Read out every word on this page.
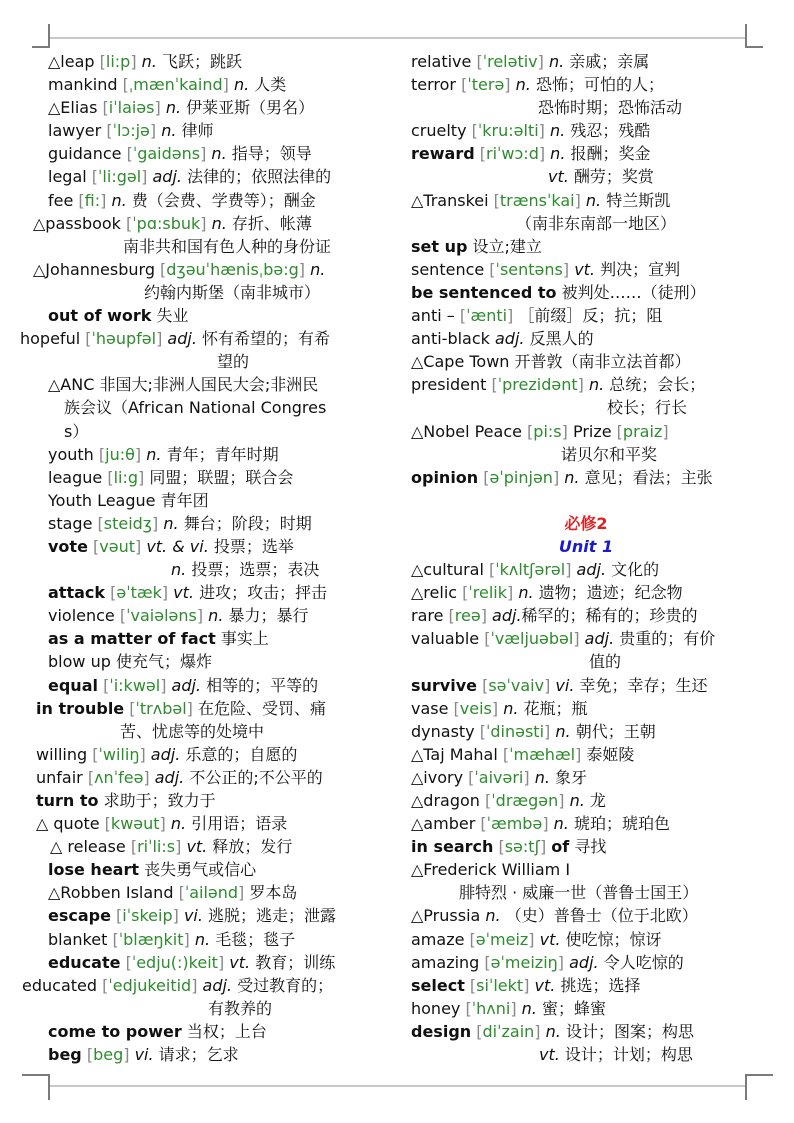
△leap [li:p] n. 飞跃；跳跃
mankind [ˌmænˈkaind] n. 人类
△Elias [iˈlaiəs] n. 伊莱亚斯（男名）
lawyer [ˈlɔ:jə] n. 律师
guidance [ˈgaidəns] n. 指导；领导
legal [ˈli:gəl] adj. 法律的；依照法律的
fee [fi:] n. 费（会费、学费等）；酬金
△passbook [ˈpɑ:sbuk] n. 存折、帐薄
南非共和国有色人种的身份证
△Johannesburg [dʒəuˈhænisˌbə:g] n.
约翰内斯堡（南非城市）
out of work 失业
hopeful [ˈhəupfəl] adj. 怀有希望的；有希
望的
△ANC 非国大;非洲人国民大会;非洲民
族会议（African National Congres
s）
youth [ju:θ] n. 青年；青年时期
league [li:g] 同盟；联盟；联合会
Youth League 青年团
stage [steidʒ] n. 舞台；阶段；时期
vote [vəut] vt. & vi. 投票；选举
n. 投票；选票；表决
attack [əˈtæk] vt. 进攻；攻击；抨击
violence [ˈvaiələns] n. 暴力；暴行
as a matter of fact 事实上
blow up 使充气；爆炸
equal [ˈi:kwəl] adj. 相等的；平等的
in trouble [ˈtrʌbəl] 在危险、受罚、痛
苦、忧虑等的处境中
willing [ˈwiliŋ] adj. 乐意的；自愿的
unfair [ʌnˈfeə] adj. 不公正的;不公平的
turn to 求助于；致力于
△ quote [kwəut] n. 引用语；语录
△ release [riˈli:s] vt. 释放；发行
lose heart 丧失勇气或信心
△Robben Island [ˈailənd] 罗本岛
escape [iˈskeip] vi. 逃脱；逃走；泄露
blanket [ˈblæŋkit] n. 毛毯；毯子
educate [ˈedju(:)keit] vt. 教育；训练
educated [ˈedjukeitid] adj. 受过教育的；
有教养的
come to power 当权；上台
beg [beg] vi. 请求；乞求
relative [ˈrelətiv] n. 亲戚；亲属
terror [ˈterə] n. 恐怖；可怕的人；
恐怖时期；恐怖活动
cruelty [ˈkru:əlti] n. 残忍；残酷
reward [riˈwɔ:d] n. 报酬；奖金
vt. 酬劳；奖赏
△Transkei [trænsˈkai] n. 特兰斯凯
（南非东南部一地区）
set up 设立;建立
sentence [ˈsentəns] vt. 判决；宣判
be sentenced to 被判处……（徒刑）
anti – [ˈænti] ［前缀］反；抗；阻
anti-black adj. 反黑人的
△Cape Town 开普敦（南非立法首都）
president [ˈprezidənt] n. 总统；会长；
校长；行长
△Nobel Peace [pi:s] Prize [praiz]
诺贝尔和平奖
opinion [əˈpinjən] n. 意见；看法；主张

必修2
Unit 1
△cultural [ˈkʌltʃərəl] adj. 文化的
△relic [ˈrelik] n. 遗物；遗迹；纪念物
rare [reə] adj.稀罕的；稀有的；珍贵的
valuable [ˈvæljuəbəl] adj. 贵重的；有价
值的
survive [səˈvaiv] vi. 幸免；幸存；生还
vase [veis] n. 花瓶；瓶
dynasty [ˈdinəsti] n. 朝代；王朝
△Taj Mahal [ˈmæhæl] 泰姬陵
△ivory [ˈaivəri] n. 象牙
△dragon [ˈdrægən] n. 龙
△amber [ˈæmbə] n. 琥珀；琥珀色
in search [sə:tʃ] of 寻找
△Frederick William I
腓特烈 · 威廉一世（普鲁士国王）
△Prussia n. （史）普鲁士（位于北欧）
amaze [əˈmeiz] vt. 使吃惊；惊讶
amazing [əˈmeiziŋ] adj. 令人吃惊的
select [siˈlekt] vt. 挑选；选择
honey [ˈhʌni] n. 蜜；蜂蜜
design [diˈzain] n. 设计；图案；构思
vt. 设计；计划；构思
